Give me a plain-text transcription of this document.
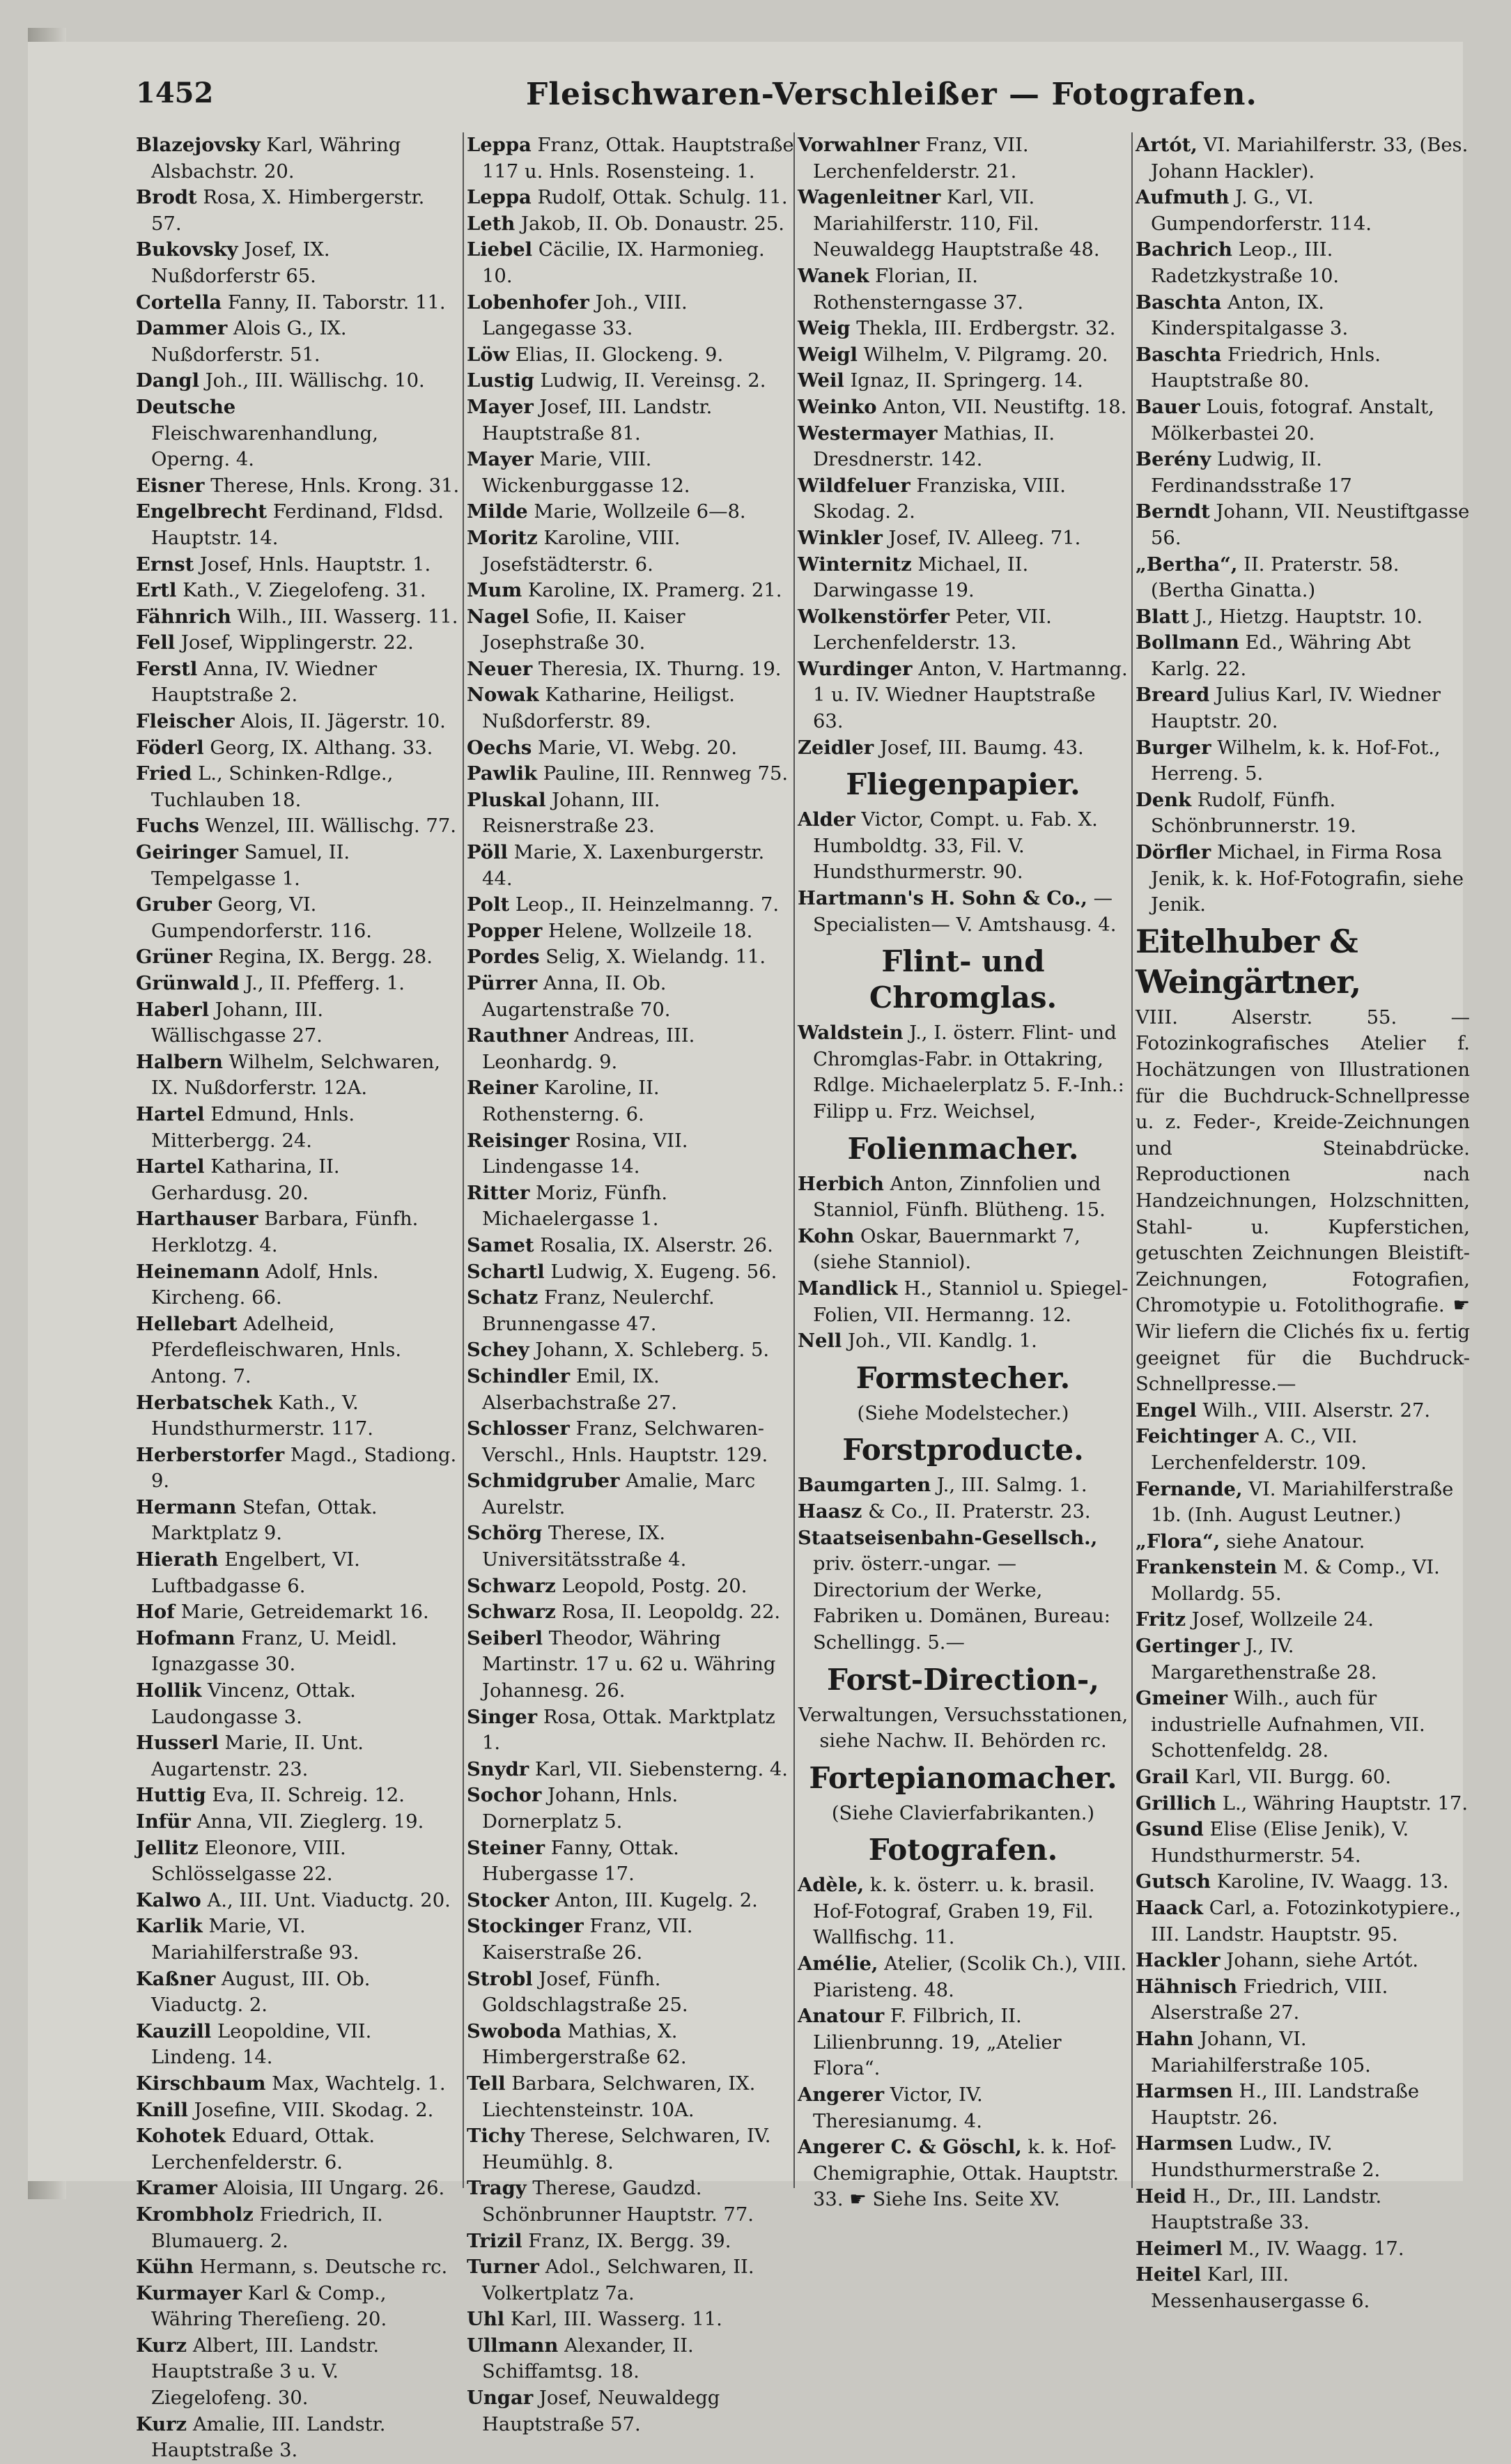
1452	Fleischwaren-Verschleißer — Fotografen.

Blazejovsky Karl, Währing Alsbachstr. 20.

Brodt Rosa, X. Himbergerstr. 57.

Bukovsky Josef, IX. Nußdorferstr 65.

Cortella Fanny, II. Taborstr. 11.

Dammer Alois G., IX. Nußdorferstr. 51.

Dangl Joh., III. Wällischg. 10.

Deutsche Fleischwarenhandlung, Operng. 4.

Eisner Therese, Hnls. Krong. 31.

Engelbrecht Ferdinand, Fldsd. Hauptstr. 14.

Ernst Josef, Hnls. Hauptstr. 1.

Ertl Kath., V. Ziegelofeng. 31.

Fähnrich Wilh., III. Wasserg. 11.

Fell Josef, Wipplingerstr. 22.

Ferstl Anna, IV. Wiedner Hauptstraße 2.

Fleischer Alois, II. Jägerstr. 10.

Föderl Georg, IX. Althang. 33.

Fried L., Schinken-Rdlge., Tuchlauben 18.

Fuchs Wenzel, III. Wällischg. 77.

Geiringer Samuel, II. Tempelgasse 1.

Gruber Georg, VI. Gumpendorferstr. 116.

Grüner Regina, IX. Bergg. 28.

Grünwald J., II. Pfefferg. 1.

Haberl Johann, III. Wällischgasse 27.

Halbern Wilhelm, Selchwaren, IX. Nußdorferstr. 12A.

Hartel Edmund, Hnls. Mitterbergg. 24.

Hartel Katharina, II. Gerhardusg. 20.

Harthauser Barbara, Fünfh. Herklotzg. 4.

Heinemann Adolf, Hnls. Kircheng. 66.

Hellebart Adelheid, Pferdefleischwaren, Hnls. Antong. 7.

Herbatschek Kath., V. Hundsthurmerstr. 117.

Herberstorfer Magd., Stadiong. 9.

Hermann Stefan, Ottak. Marktplatz 9.

Hierath Engelbert, VI. Luftbadgasse 6.

Hof Marie, Getreidemarkt 16.

Hofmann Franz, U. Meidl. Ignazgasse 30.

Hollik Vincenz, Ottak. Laudongasse 3.

Husserl Marie, II. Unt. Augartenstr. 23.

Huttig Eva, II. Schreig. 12.

Infür Anna, VII. Zieglerg. 19.

Jellitz Eleonore, VIII. Schlösselgasse 22.

Kalwo A., III. Unt. Viaductg. 20.

Karlik Marie, VI. Mariahilferstraße 93.

Kaßner August, III. Ob. Viaductg. 2.

Kauzill Leopoldine, VII. Lindeng. 14.

Kirschbaum Max, Wachtelg. 1.

Knill Josefine, VIII. Skodag. 2.

Kohotek Eduard, Ottak. Lerchenfelderstr. 6.

Kramer Aloisia, III Ungarg. 26.

Krombholz Friedrich, II. Blumauerg. 2.

Kühn Hermann, s. Deutsche rc.

Kurmayer Karl & Comp., Währing Thereſieng. 20.

Kurz Albert, III. Landstr. Hauptstraße 3 u. V. Ziegelofeng. 30.

Kurz Amalie, III. Landstr. Hauptstraße 3.

Leppa Franz, Ottak. Hauptstraße 117 u. Hnls. Rosensteing. 1.

Leppa Rudolf, Ottak. Schulg. 11.

Leth Jakob, II. Ob. Donaustr. 25.

Liebel Cäcilie, IX. Harmonieg. 10.

Lobenhofer Joh., VIII. Langegasse 33.

Löw Elias, II. Glockeng. 9.

Lustig Ludwig, II. Vereinsg. 2.

Mayer Josef, III. Landstr. Hauptstraße 81.

Mayer Marie, VIII. Wickenburggasse 12.

Milde Marie, Wollzeile 6—8.

Moritz Karoline, VIII. Josefstädterstr. 6.

Mum Karoline, IX. Pramerg. 21.

Nagel Sofie, II. Kaiser Josephstraße 30.

Neuer Theresia, IX. Thurng. 19.

Nowak Katharine, Heiligst. Nußdorferstr. 89.

Oechs Marie, VI. Webg. 20.

Pawlik Pauline, III. Rennweg 75.

Pluskal Johann, III. Reisnerstraße 23.

Pöll Marie, X. Laxenburgerstr. 44.

Polt Leop., II. Heinzelmanng. 7.

Popper Helene, Wollzeile 18.

Pordes Selig, X. Wielandg. 11.

Pürrer Anna, II. Ob. Augartenstraße 70.

Rauthner Andreas, III. Leonhardg. 9.

Reiner Karoline, II. Rothensterng. 6.

Reisinger Rosina, VII. Lindengasse 14.

Ritter Moriz, Fünfh. Michaelergasse 1.

Samet Rosalia, IX. Alserstr. 26.

Schartl Ludwig, X. Eugeng. 56.

Schatz Franz, Neulerchf. Brunnengasse 47.

Schey Johann, X. Schleberg. 5.

Schindler Emil, IX. Alserbachstraße 27.

Schlosser Franz, Selchwaren-Verschl., Hnls. Hauptstr. 129.

Schmidgruber Amalie, Marc Aurelstr.

Schörg Therese, IX. Universitätsstraße 4.

Schwarz Leopold, Postg. 20.

Schwarz Rosa, II. Leopoldg. 22.

Seiberl Theodor, Währing Martinstr. 17 u. 62 u. Währing Johannesg. 26.

Singer Rosa, Ottak. Marktplatz 1.

Snydr Karl, VII. Siebensterng. 4.

Sochor Johann, Hnls. Dornerplatz 5.

Steiner Fanny, Ottak. Hubergasse 17.

Stocker Anton, III. Kugelg. 2.

Stockinger Franz, VII. Kaiserstraße 26.

Strobl Josef, Fünfh. Goldschlagstraße 25.

Swoboda Mathias, X. Himbergerstraße 62.

Tell Barbara, Selchwaren, IX. Liechtensteinstr. 10A.

Tichy Therese, Selchwaren, IV. Heumühlg. 8.

Tragy Therese, Gaudzd. Schönbrunner Hauptstr. 77.

Trizil Franz, IX. Bergg. 39.

Turner Adol., Selchwaren, II. Volkertplatz 7a.

Uhl Karl, III. Wasserg. 11.

Ullmann Alexander, II. Schiffamtsg. 18.

Ungar Josef, Neuwaldegg Hauptstraße 57.

Vorwahlner Franz, VII. Lerchenfelderstr. 21.

Wagenleitner Karl, VII. Mariahilferstr. 110, Fil. Neuwaldegg Hauptstraße 48.

Wanek Florian, II. Rothensterngasse 37.

Weig Thekla, III. Erdbergstr. 32.

Weigl Wilhelm, V. Pilgramg. 20.

Weil Ignaz, II. Springerg. 14.

Weinko Anton, VII. Neustiftg. 18.

Westermayer Mathias, II. Dresdnerstr. 142.

Wildfeluer Franziska, VIII. Skodag. 2.

Winkler Josef, IV. Alleeg. 71.

Winternitz Michael, II. Darwingasse 19.

Wolkenstörfer Peter, VII. Lerchenfelderstr. 13.

Wurdinger Anton, V. Hartmanng. 1 u. IV. Wiedner Hauptstraße 63.

Zeidler Josef, III. Baumg. 43.

Fliegenpapier.

Alder Victor, Compt. u. Fab. X. Humboldtg. 33, Fil. V. Hundsthurmerstr. 90.

Hartmann's H. Sohn & Co., —Specialisten— V. Amtshausg. 4.

Flint- und Chromglas.

Waldstein J., I. österr. Flint- und Chromglas-Fabr. in Ottakring, Rdlge. Michaelerplatz 5. F.-Inh.: Filipp u. Frz. Weichsel,

Folienmacher.

Herbich Anton, Zinnfolien und Stanniol, Fünfh. Blütheng. 15.

Kohn Oskar, Bauernmarkt 7, (siehe Stanniol).

Mandlick H., Stanniol u. Spiegel-Folien, VII. Hermanng. 12.

Nell Joh., VII. Kandlg. 1.

Formstecher.
(Siehe Modelstecher.)
Forstproducte.

Baumgarten J., III. Salmg. 1.

Haasz & Co., II. Praterstr. 23.

Staatseisenbahn-Gesellsch., priv. österr.-ungar. —Directorium der Werke, Fabriken u. Domänen, Bureau: Schellingg. 5.—

Forst-Direction-,
Verwaltungen, Versuchsstationen, siehe Nachw. II. Behörden rc.
Fortepianomacher.
(Siehe Clavierfabrikanten.)
Fotografen.

Adèle, k. k. österr. u. k. brasil. Hof-Fotograf, Graben 19, Fil. Wallfischg. 11.

Amélie, Atelier, (Scolik Ch.), VIII. Piaristeng. 48.

Anatour F. Filbrich, II. Lilienbrunng. 19, „Atelier Flora“.

Angerer Victor, IV. Theresianumg. 4.

Angerer C. & Göschl, k. k. Hof-Chemigraphie, Ottak. Hauptstr. 33. ☛ Siehe Ins. Seite XV.

Artót, VI. Mariahilferstr. 33, (Bes. Johann Hackler).

Aufmuth J. G., VI. Gumpendorferstr. 114.

Bachrich Leop., III. Radetzkystraße 10.

Baschta Anton, IX. Kinderspitalgasse 3.

Baschta Friedrich, Hnls. Hauptstraße 80.

Bauer Louis, fotograf. Anstalt, Mölkerbastei 20.

Berény Ludwig, II. Ferdinandsstraße 17

Berndt Johann, VII. Neustiftgasse 56.

„Bertha“, II. Praterstr. 58. (Bertha Ginatta.)

Blatt J., Hietzg. Hauptstr. 10.

Bollmann Ed., Währing Abt Karlg. 22.

Breard Julius Karl, IV. Wiedner Hauptstr. 20.

Burger Wilhelm, k. k. Hof-Fot., Herreng. 5.

Denk Rudolf, Fünfh. Schönbrunnerstr. 19.

Dörfler Michael, in Firma Rosa Jenik, k. k. Hof-Fotografin, siehe Jenik.

Eitelhuber & Weingärtner,

VIII. Alserstr. 55. —Fotozinkografisches Atelier f. Hochätzungen von Illustrationen für die Buchdruck-Schnellpresse u. z. Feder-, Kreide-Zeichnungen und Steinabdrücke. Reproductionen nach Handzeichnungen, Holzschnitten, Stahl- u. Kupferstichen, getuschten Zeichnungen Bleistift-Zeichnungen, Fotografien, Chromotypie u. Fotolithografie. ☛ Wir liefern die Clichés fix u. fertig geeignet für die Buchdruck-Schnellpresse.—

Engel Wilh., VIII. Alserstr. 27.

Feichtinger A. C., VII. Lerchenfelderstr. 109.

Fernande, VI. Mariahilferstraße 1b. (Inh. August Leutner.)

„Flora“, siehe Anatour.

Frankenstein M. & Comp., VI. Mollardg. 55.

Fritz Josef, Wollzeile 24.

Gertinger J., IV. Margarethenstraße 28.

Gmeiner Wilh., auch für industrielle Aufnahmen, VII. Schottenfeldg. 28.

Grail Karl, VII. Burgg. 60.

Grillich L., Währing Hauptstr. 17.

Gsund Elise (Elise Jenik), V. Hundsthurmerstr. 54.

Gutsch Karoline, IV. Waagg. 13.

Haack Carl, a. Fotozinkotypiere., III. Landstr. Hauptstr. 95.

Hackler Johann, siehe Artót.

Hähnisch Friedrich, VIII. Alserstraße 27.

Hahn Johann, VI. Mariahilferstraße 105.

Harmsen H., III. Landstraße Hauptstr. 26.

Harmsen Ludw., IV. Hundsthurmerstraße 2.

Heid H., Dr., III. Landstr. Hauptstraße 33.

Heimerl M., IV. Waagg. 17.

Heitel Karl, III. Messenhausergasse 6.
